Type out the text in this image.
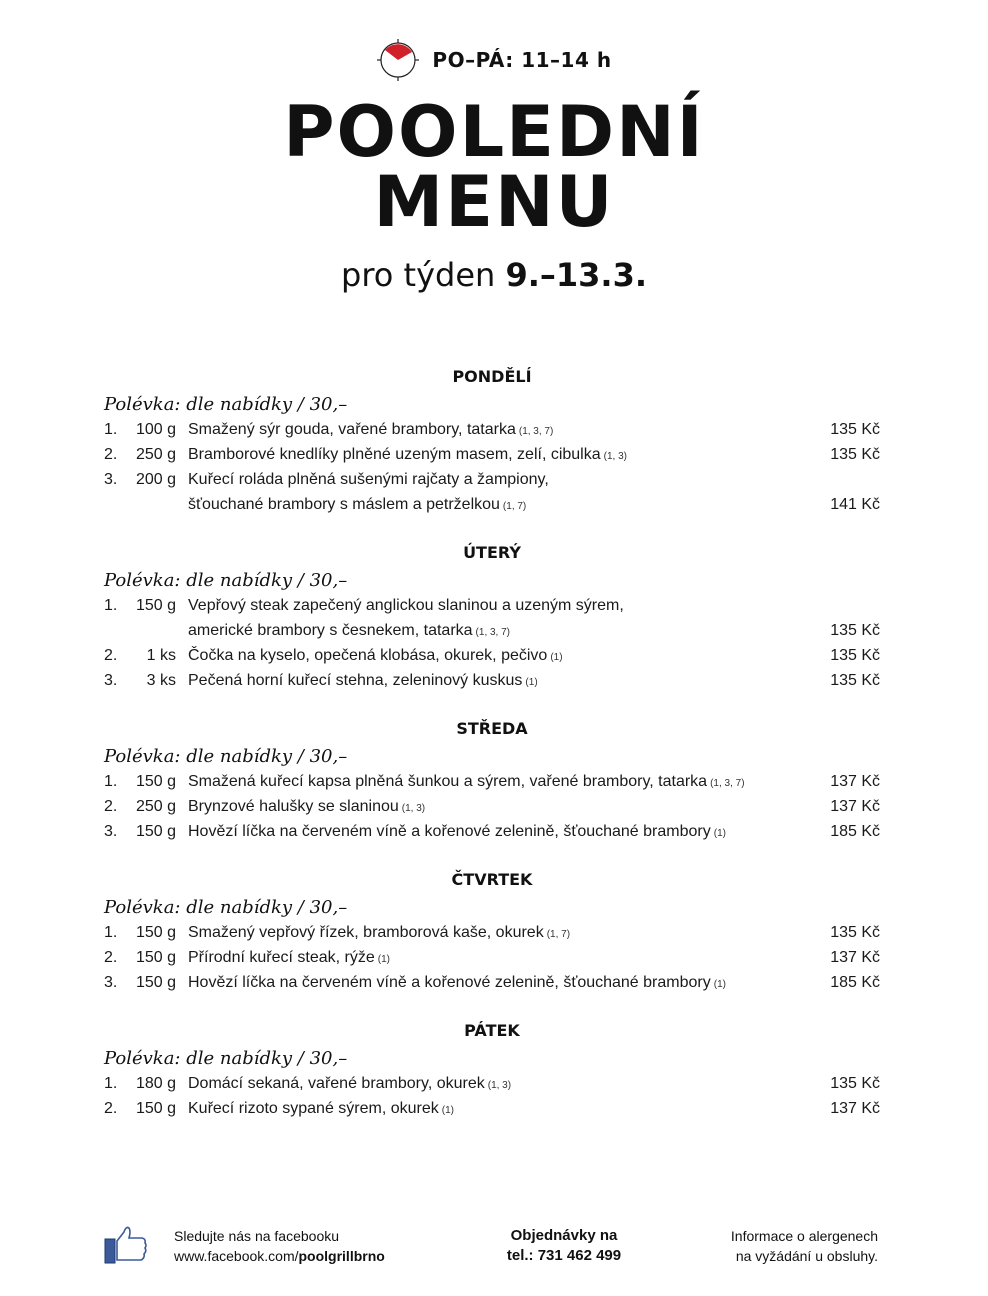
PO–PÁ: 11–14 h
POOLEDNÍ
MENU
pro týden 9.–13.3.
PONDĚLÍ
Polévka: dle nabídky / 30,–
1.	100 g Smažený sýr gouda, vařené brambory, tatarka (1, 3, 7)	135 Kč
2.	250 g Bramborové knedlíky plněné uzeným masem, zelí, cibulka (1, 3)	135 Kč
3.	200 g Kuřecí roláda plněná sušenými rajčaty a žampiony,
šťouchané brambory s máslem a petrželkou (1, 7)	141 Kč
ÚTERÝ
Polévka: dle nabídky / 30,–
1.	150 g Vepřový steak zapečený anglickou slaninou a uzeným sýrem,
americké brambory s česnekem, tatarka (1, 3, 7)	135 Kč
2.	1 ks Čočka na kyselo, opečená klobása, okurek, pečivo (1)	135 Kč
3.	3 ks Pečená horní kuřecí stehna, zeleninový kuskus (1)	135 Kč
STŘEDA
Polévka: dle nabídky / 30,–
1.	150 g Smažená kuřecí kapsa plněná šunkou a sýrem, vařené brambory, tatarka (1, 3, 7)	137 Kč
2.	250 g Brynzové halušky se slaninou (1, 3)	137 Kč
3.	150 g Hovězí líčka na červeném víně a kořenové zelenině, šťouchané brambory (1)	185 Kč
ČTVRTEK
Polévka: dle nabídky / 30,–
1.	150 g Smažený vepřový řízek, bramborová kaše, okurek (1, 7)	135 Kč
2.	150 g Přírodní kuřecí steak, rýže (1)	137 Kč
3.	150 g Hovězí líčka na červeném víně a kořenové zelenině, šťouchané brambory (1)	185 Kč
PÁTEK
Polévka: dle nabídky / 30,–
1.	180 g Domácí sekaná, vařené brambory, okurek (1, 3)	135 Kč
2.	150 g Kuřecí rizoto sypané sýrem, okurek (1)	137 Kč
Sledujte nás na facebooku
www.facebook.com/poolgrillbrno
Objednávky na
tel.: 731 462 499
Informace o alergenech
na vyžádání u obsluhy.
